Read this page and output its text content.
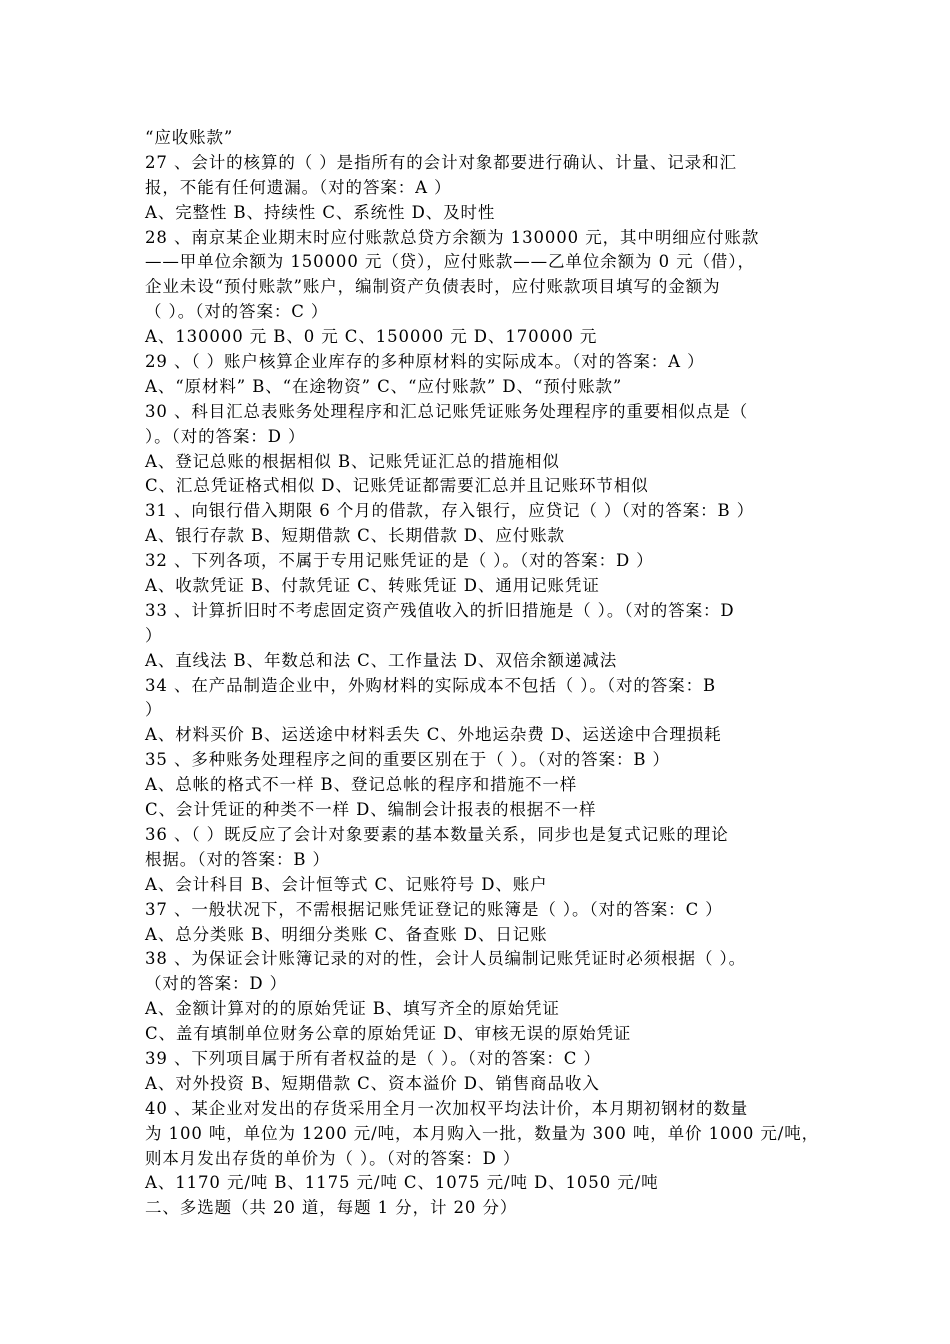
“应收账款”
27 、会计的核算的（ ）是指所有的会计对象都要进行确认、计量、记录和汇
报，不能有任何遗漏。（对的答案：A ）
A、完整性 B、持续性 C、系统性 D、及时性
28 、南京某企业期末时应付账款总贷方余额为 130000 元，其中明细应付账款
——甲单位余额为 150000 元（贷），应付账款——乙单位余额为 0 元（借），
企业未设“预付账款”账户，编制资产负债表时，应付账款项目填写的金额为
（ ）。（对的答案：C ）
A、130000 元 B、0 元 C、150000 元 D、170000 元
29 、（ ）账户核算企业库存的多种原材料的实际成本。（对的答案：A ）
A、“原材料” B、“在途物资” C、“应付账款” D、“预付账款”
30 、科目汇总表账务处理程序和汇总记账凭证账务处理程序的重要相似点是（
）。（对的答案：D ）
A、登记总账的根据相似 B、记账凭证汇总的措施相似
C、汇总凭证格式相似 D、记账凭证都需要汇总并且记账环节相似
31 、向银行借入期限 6 个月的借款，存入银行，应贷记（ ）（对的答案：B ）
A、银行存款 B、短期借款 C、长期借款 D、应付账款
32 、下列各项，不属于专用记账凭证的是（ ）。（对的答案：D ）
A、收款凭证 B、付款凭证 C、转账凭证 D、通用记账凭证
33 、计算折旧时不考虑固定资产残值收入的折旧措施是（ ）。（对的答案：D
）
A、直线法 B、年数总和法 C、工作量法 D、双倍余额递减法
34 、在产品制造企业中，外购材料的实际成本不包括（ ）。（对的答案：B
）
A、材料买价 B、运送途中材料丢失 C、外地运杂费 D、运送途中合理损耗
35 、多种账务处理程序之间的重要区别在于（ ）。（对的答案：B ）
A、总帐的格式不一样 B、登记总帐的程序和措施不一样
C、会计凭证的种类不一样 D、编制会计报表的根据不一样
36 、（ ）既反应了会计对象要素的基本数量关系，同步也是复式记账的理论
根据。（对的答案：B ）
A、会计科目 B、会计恒等式 C、记账符号 D、账户
37 、一般状况下，不需根据记账凭证登记的账簿是（ ）。（对的答案：C ）
A、总分类账 B、明细分类账 C、备查账 D、日记账
38 、为保证会计账簿记录的对的性，会计人员编制记账凭证时必须根据（ ）。
（对的答案：D ）
A、金额计算对的的原始凭证 B、填写齐全的原始凭证
C、盖有填制单位财务公章的原始凭证 D、审核无误的原始凭证
39 、下列项目属于所有者权益的是（ ）。（对的答案：C ）
A、对外投资 B、短期借款 C、资本溢价 D、销售商品收入
40 、某企业对发出的存货采用全月一次加权平均法计价，本月期初钢材的数量
为 100 吨，单位为 1200 元/吨，本月购入一批，数量为 300 吨，单价 1000 元/吨，
则本月发出存货的单价为（ ）。（对的答案：D ）
A、1170 元/吨 B、1175 元/吨 C、1075 元/吨 D、1050 元/吨
二、多选题（共 20 道，每题 1 分，计 20 分）
